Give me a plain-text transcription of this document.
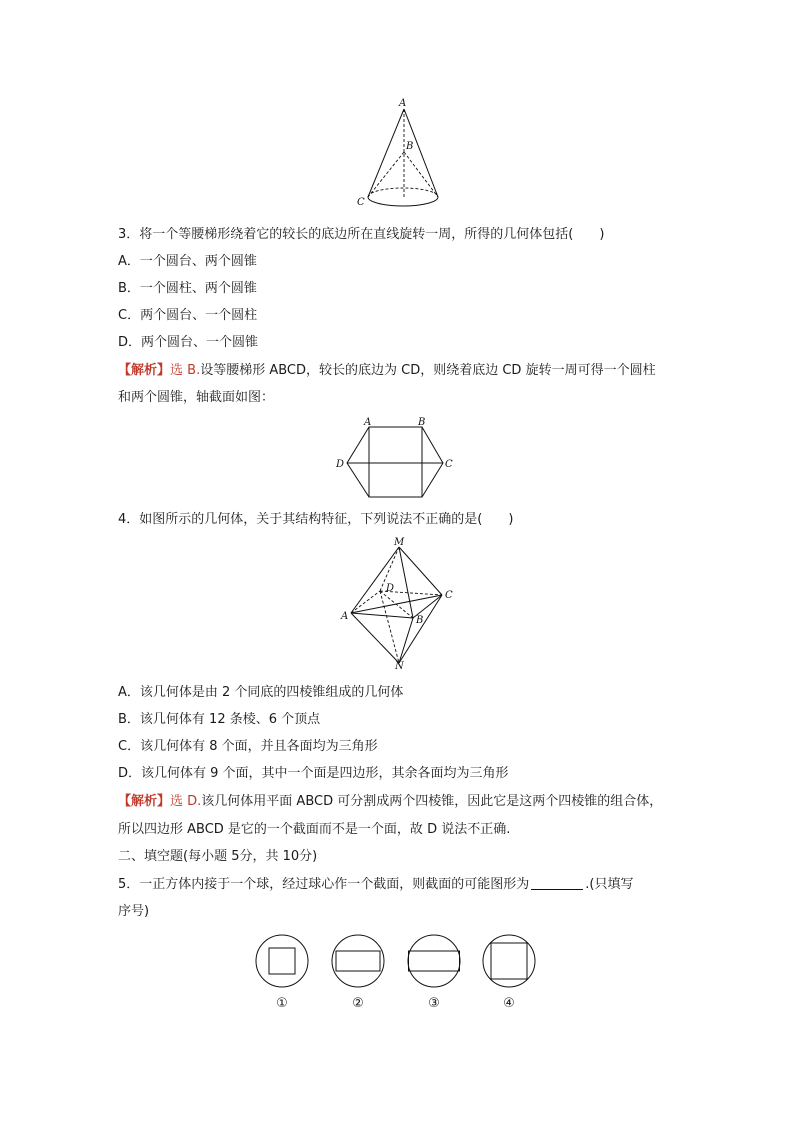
A
B
C
3．将一个等腰梯形绕着它的较长的底边所在直线旋转一周，所得的几何体包括(　　)
A．一个圆台、两个圆锥
B．一个圆柱、两个圆锥
C．两个圆台、一个圆柱
D．两个圆台、一个圆锥
【解析】选 B.设等腰梯形 ABCD，较长的底边为 CD，则绕着底边 CD 旋转一周可得一个圆柱
和两个圆锥，轴截面如图：
A	B
D	C
4．如图所示的几何体，关于其结构特征，下列说法不正确的是(　　)
M
D
C
A	B
N
A．该几何体是由 2 个同底的四棱锥组成的几何体
B．该几何体有 12 条棱、6 个顶点
C．该几何体有 8 个面，并且各面均为三角形
D．该几何体有 9 个面，其中一个面是四边形，其余各面均为三角形
【解析】选 D.该几何体用平面 ABCD 可分割成两个四棱锥，因此它是这两个四棱锥的组合体，
所以四边形 ABCD 是它的一个截面而不是一个面，故 D 说法不正确.
二、填空题(每小题 5分，共 10分)
5．一正方体内接于一个球，经过球心作一个截面，则截面的可能图形为	.(只填写
序号)
①	②	③	④
